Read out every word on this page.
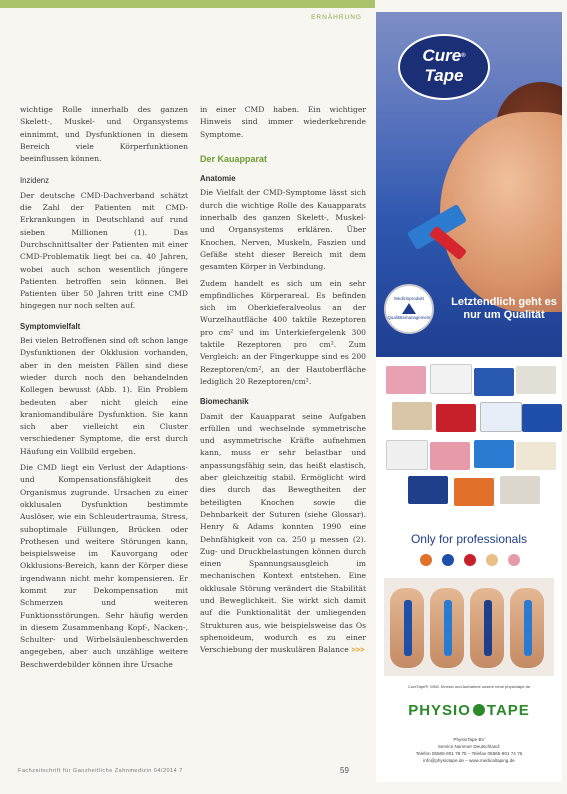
ERNÄHRUNG

wichtige Rolle innerhalb des ganzen Skelett-, Muskel- und Organsystems einnimmt, und Dysfunktionen in diesem Bereich viele Körperfunktionen beeinflussen können.

Inzidenz

Der deutsche CMD-Dachverband schätzt die Zahl der Patienten mit CMD-Erkrankungen in Deutschland auf rund sieben Millionen (1). Das Durchschnittsalter der Patienten mit einer CMD-Problematik liegt bei ca. 40 Jahren, wobei auch schon wesentlich jüngere Patienten betroffen sein können. Bei Patienten über 50 Jahren tritt eine CMD hingegen nur noch selten auf.

Symptomvielfalt

Bei vielen Betroffenen sind oft schon lange Dysfunktionen der Okklusion vorhanden, aber in den meisten Fällen sind diese wieder durch noch den behandelnden Kollegen bewusst (Abb. 1). Ein Problem bedeuten aber nicht gleich eine kraniomandibuläre Dysfunktion. Sie kann sich aber vielleicht ein Cluster verschiedener Symptome, die erst durch Häufung ein Vollbild ergeben.

Die CMD liegt ein Verlust der Adaptions- und Kompensationsfähigkeit des Organismus zugrunde. Ursachen zu einer okklusalen Dysfunktion bestimmte Auslöser, wie ein Schleudertrauma, Stress, suboptimale Füllungen, Brücken oder Prothesen und weitere Störungen kann, beispielsweise im Kauvorgang oder Okklusions-Bereich, kann der Körper diese irgendwann nicht mehr kompensieren. Er kommt zur Dekompensation mit Schmerzen und weiteren Funktionsstörungen. Sehr häufig werden in diesem Zusammenhang Kopf-, Nacken-, Schulter- und Wirbelsäulenbeschwerden angegeben, aber auch unzählige weitere Beschwerdebilder können ihre Ursache

in einer CMD haben. Ein wichtiger Hinweis sind immer wiederkehrende Symptome.

Der Kauapparat
Anatomie

Die Vielfalt der CMD-Symptome lässt sich durch die wichtige Rolle des Kauapparats innerhalb des ganzen Skelett-, Muskel- und Organsystems erklären. Über Knochen, Nerven, Muskeln, Faszien und Gefäße steht dieser Bereich mit dem gesamten Körper in Verbindung.

Zudem handelt es sich um ein sehr empfindliches Körperareal. Es befinden sich im Oberkieferalveolus an der Wurzelhautfläche 400 taktile Rezeptoren pro cm² und im Unterkiefergelenk 300 taktile Rezeptoren pro cm². Zum Vergleich: an der Fingerkuppe sind es 200 Rezeptoren/cm², an der Hautoberfläche lediglich 20 Rezeptoren/cm².

Biomechanik

Damit der Kauapparat seine Aufgaben erfüllen und wechselnde symmetrische und asymmetrische Kräfte aufnehmen kann, muss er sehr belastbar und anpassungsfähig sein, das heißt elastisch, aber gleichzeitig stabil. Ermöglicht wird dies durch das Bewegtheiten der beteiligten Knochen sowie die Dehnbarkeit der Suturen (siehe Glossar). Henry & Adams konnten 1990 eine Dehnfähigkeit von ca. 250 µ messen (2). Zug- und Druckbelastungen können durch einen Spannungsausgleich im mechanischen Kontext entstehen. Eine okklusale Störung verändert die Stabilität und Beweglichkeit. Sie wirkt sich damit auf die Funktionalität der umliegenden Strukturen aus, wie beispielsweise das Os sphenoideum, wodurch es zu einer Verschiebung der muskulären Balance >>>

Fachzeitschrift für Ganzheitliche Zahnmedizin 04/2014 7	59
Cure®
Tape
Medizinprodukt
Qualitätsmanagement
Letztendlich geht es nur um Qualität
Only for professionals
CureTape®, MNC Kinesio und Aufnahme unsere neue physiotape.de
PHYSIO TAPE
PhysioTape BV
Service Nummer Deutschland:
Telefon 05565-901 78 75 – Telefax 05565-901 74 76
info@physiotape.de – www.medicaltaping.de
